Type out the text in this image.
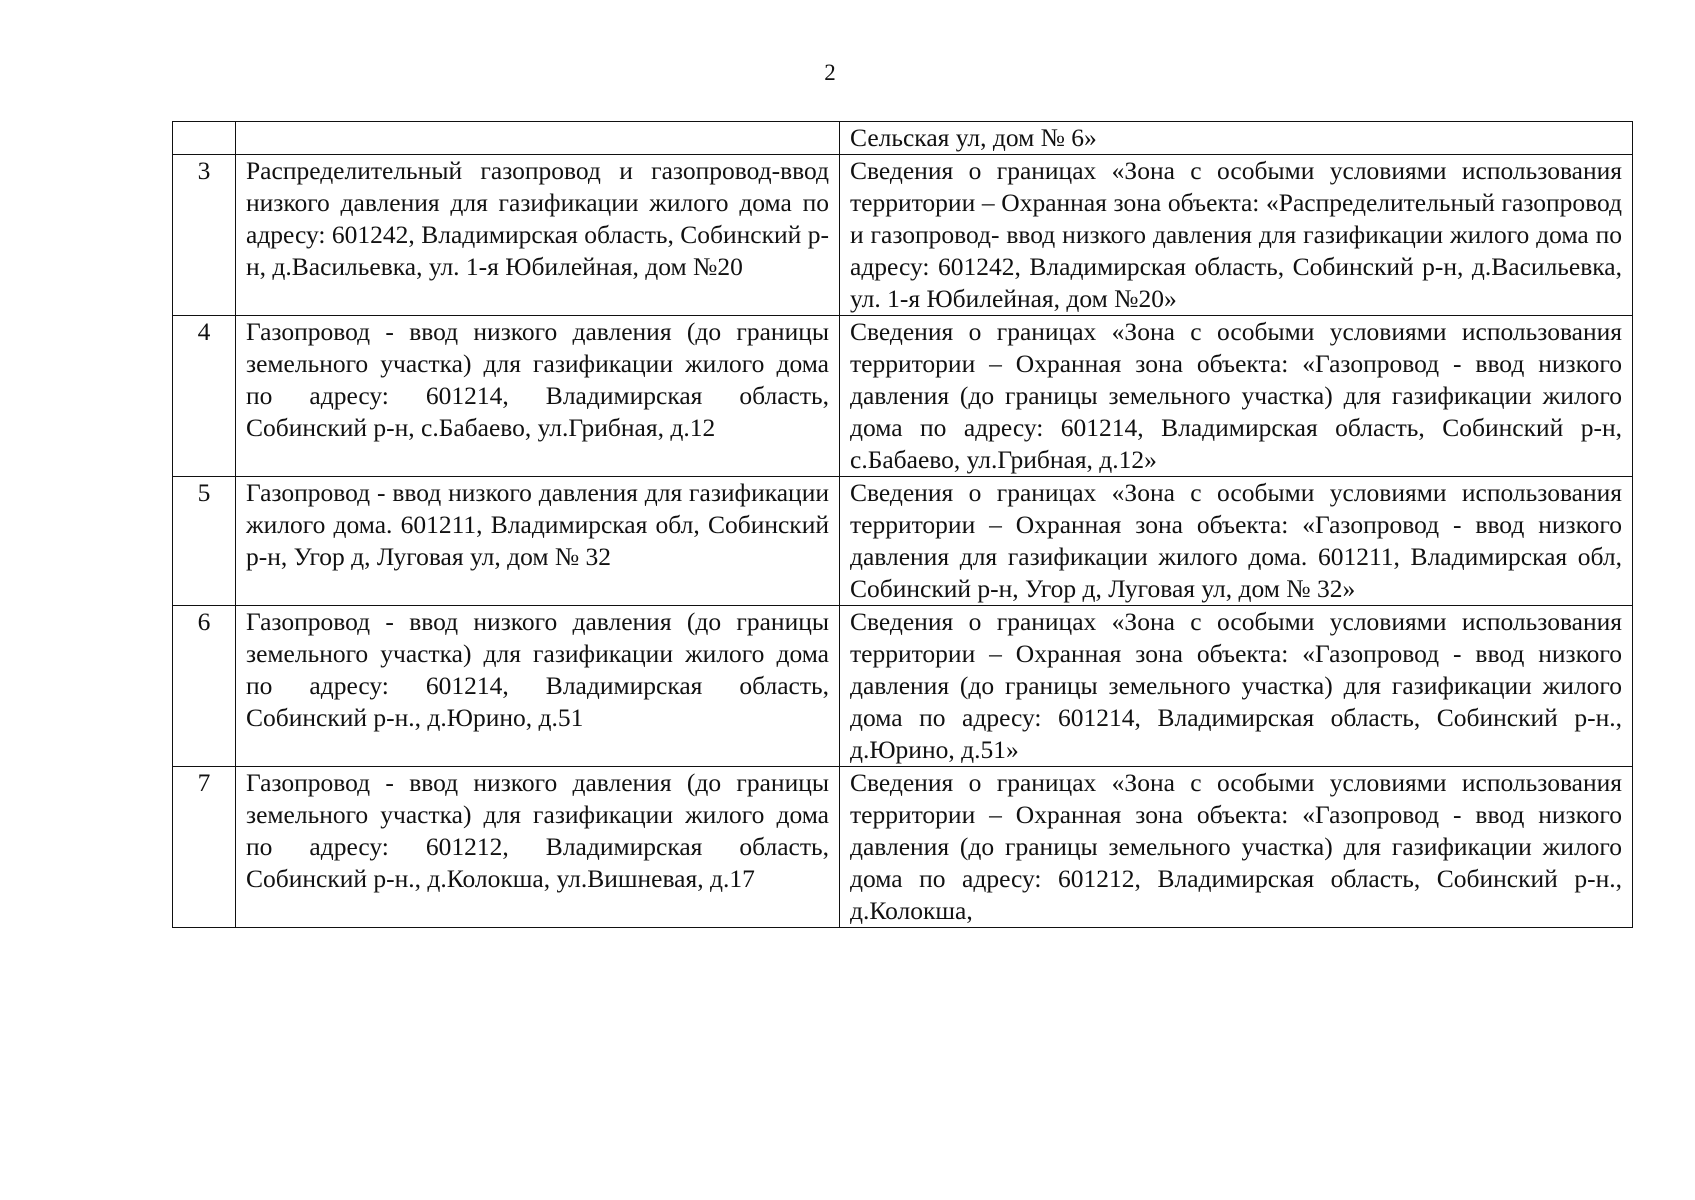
2
		Сельская ул, дом № 6»
3	Распределительный газопровод и газопровод-ввод низкого давления для газификации жилого дома по адресу: 601242, Владимирская область, Собинский р-н, д.Васильевка, ул. 1-я Юбилейная, дом №20	Сведения о границах «Зона с особыми условиями использования территории – Охранная зона объекта: «Распределительный газопровод и газопровод- ввод низкого давления для газификации жилого дома по адресу: 601242, Владимирская область, Собинский р-н, д.Васильевка, ул. 1-я Юбилейная, дом №20»
4	Газопровод - ввод низкого давления (до границы земельного участка) для газификации жилого дома по адресу: 601214, Владимирская область, Собинский р-н, с.Бабаево, ул.Грибная, д.12	Сведения о границах «Зона с особыми условиями использования территории – Охранная зона объекта: «Газопровод - ввод низкого давления (до границы земельного участка) для газификации жилого дома по адресу: 601214, Владимирская область, Собинский р-н, с.Бабаево, ул.Грибная, д.12»
5	Газопровод - ввод низкого давления для газификации жилого дома. 601211, Владимирская обл, Собинский р-н, Угор д, Луговая ул, дом № 32	Сведения о границах «Зона с особыми условиями использования территории – Охранная зона объекта: «Газопровод - ввод низкого давления для газификации жилого дома. 601211, Владимирская обл, Собинский р-н, Угор д, Луговая ул, дом № 32»
6	Газопровод - ввод низкого давления (до границы земельного участка) для газификации жилого дома по адресу: 601214, Владимирская область, Собинский р-н., д.Юрино, д.51	Сведения о границах «Зона с особыми условиями использования территории – Охранная зона объекта: «Газопровод - ввод низкого давления (до границы земельного участка) для газификации жилого дома по адресу: 601214, Владимирская область, Собинский р-н., д.Юрино, д.51»
7	Газопровод - ввод низкого давления (до границы земельного участка) для газификации жилого дома по адресу: 601212, Владимирская область, Собинский р-н., д.Колокша, ул.Вишневая, д.17	Сведения о границах «Зона с особыми условиями использования территории – Охранная зона объекта: «Газопровод - ввод низкого давления (до границы земельного участка) для газификации жилого дома по адресу: 601212, Владимирская область, Собинский р-н., д.Колокша,
